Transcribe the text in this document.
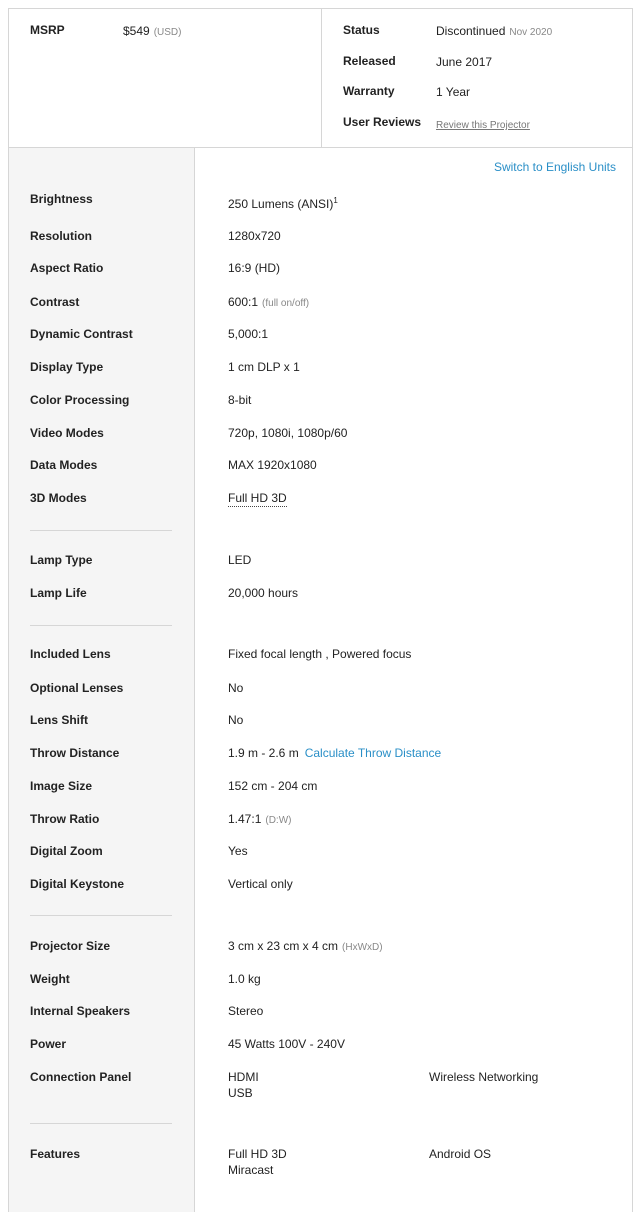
MSRP	$549 (USD)	Status	Discontinued Nov 2020
Released	June 2017
Warranty	1 Year
User Reviews Review this Projector
Switch to English Units
Brightness	250 Lumens (ANSI)$^1$
Resolution	1280x720
Aspect Ratio	16:9 (HD)
Contrast	600:1 (full on/off)
Dynamic Contrast	5,000:1
Display Type	1 cm DLP x 1
Color Processing	8-bit
Video Modes	720p, 1080i, 1080p/60
Data Modes	MAX 1920x1080
3D Modes	Full HD 3D
Lamp Type	LED
Lamp Life	20,000 hours
Included Lens	Fixed focal length , Powered focus
Optional Lenses	No
Lens Shift	No
Throw Distance	1.9 m - 2.6 m Calculate Throw Distance
Image Size	152 cm - 204 cm
Throw Ratio	1.47:1 (D:W)
Digital Zoom	Yes
Digital Keystone	Vertical only
Projector Size	3 cm x 23 cm x 4 cm (HxWxD)
Weight	1.0 kg
Internal Speakers	Stereo
Power	45 Watts 100V - 240V
Connection Panel	HDMI
USB
Wireless Networking
Features	Full HD 3D
Miracast
Android OS
